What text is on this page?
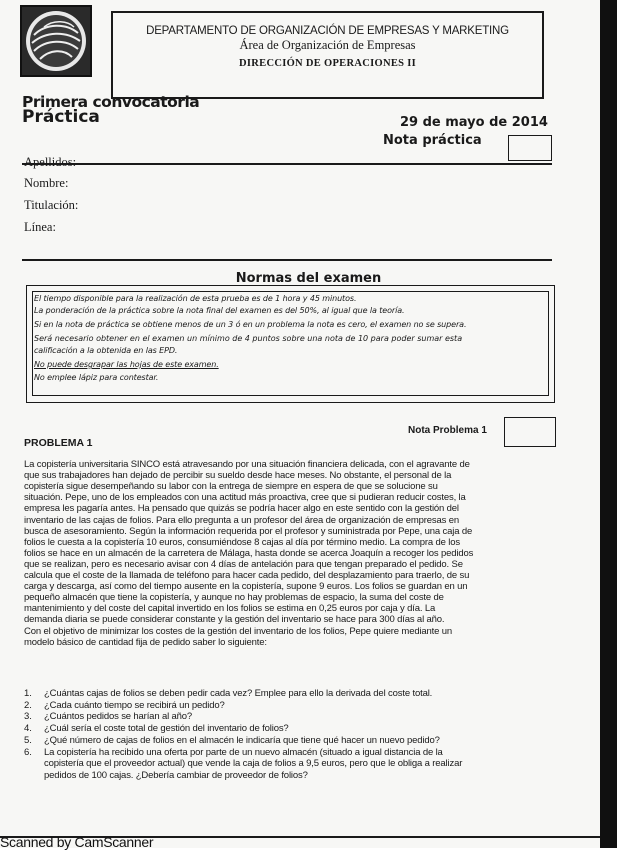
DEPARTAMENTO DE ORGANIZACIÓN DE EMPRESAS Y MARKETING
Área de Organización de Empresas
DIRECCIÓN DE OPERACIONES II
Primera convocatoria
Práctica	29 de mayo de 2014
Nota práctica
Apellidos:
Nombre:
Titulación:
Línea:
Normas del examen
El tiempo disponible para la realización de esta prueba es de 1 hora y 45 minutos.
La ponderación de la práctica sobre la nota final del examen es del 50%, al igual que la teoría.
Si en la nota de práctica se obtiene menos de un 3 ó en un problema la nota es cero, el examen no se supera.
Será necesario obtener en el examen un mínimo de 4 puntos sobre una nota de 10 para poder sumar esta
calificación a la obtenida en las EPD.
No puede desgrapar las hojas de este examen.
No emplee lápiz para contestar.
Nota Problema 1
PROBLEMA 1
La copistería universitaria SINCO está atravesando por una situación financiera delicada, con el agravante de
que sus trabajadores han dejado de percibir su sueldo desde hace meses. No obstante, el personal de la
copistería sigue desempeñando su labor con la entrega de siempre en espera de que se solucione su
situación. Pepe, uno de los empleados con una actitud más proactiva, cree que si pudieran reducir costes, la
empresa les pagaría antes. Ha pensado que quizás se podría hacer algo en este sentido con la gestión del
inventario de las cajas de folios. Para ello pregunta a un profesor del área de organización de empresas en
busca de asesoramiento. Según la información requerida por el profesor y suministrada por Pepe, una caja de
folios le cuesta a la copistería 10 euros, consumiéndose 8 cajas al día por término medio. La compra de los
folios se hace en un almacén de la carretera de Málaga, hasta donde se acerca Joaquín a recoger los pedidos
que se realizan, pero es necesario avisar con 4 días de antelación para que tengan preparado el pedido. Se
calcula que el coste de la llamada de teléfono para hacer cada pedido, del desplazamiento para traerlo, de su
carga y descarga, así como del tiempo ausente en la copistería, supone 9 euros. Los folios se guardan en un
pequeño almacén que tiene la copistería, y aunque no hay problemas de espacio, la suma del coste de
mantenimiento y del coste del capital invertido en los folios se estima en 0,25 euros por caja y día. La
demanda diaria se puede considerar constante y la gestión del inventario se hace para 300 días al año.
Con el objetivo de minimizar los costes de la gestión del inventario de los folios, Pepe quiere mediante un
modelo básico de cantidad fija de pedido saber lo siguiente:
1. ¿Cuántas cajas de folios se deben pedir cada vez? Emplee para ello la derivada del coste total.
2. ¿Cada cuánto tiempo se recibirá un pedido?
3. ¿Cuántos pedidos se harían al año?
4. ¿Cuál sería el coste total de gestión del inventario de folios?
5. ¿Qué número de cajas de folios en el almacén le indicaría que tiene qué hacer un nuevo pedido?
6. La copistería ha recibido una oferta por parte de un nuevo almacén (situado a igual distancia de la
copistería que el proveedor actual) que vende la caja de folios a 9,5 euros, pero que le obliga a realizar
pedidos de 100 cajas. ¿Debería cambiar de proveedor de folios?
Scanned by CamScanner
